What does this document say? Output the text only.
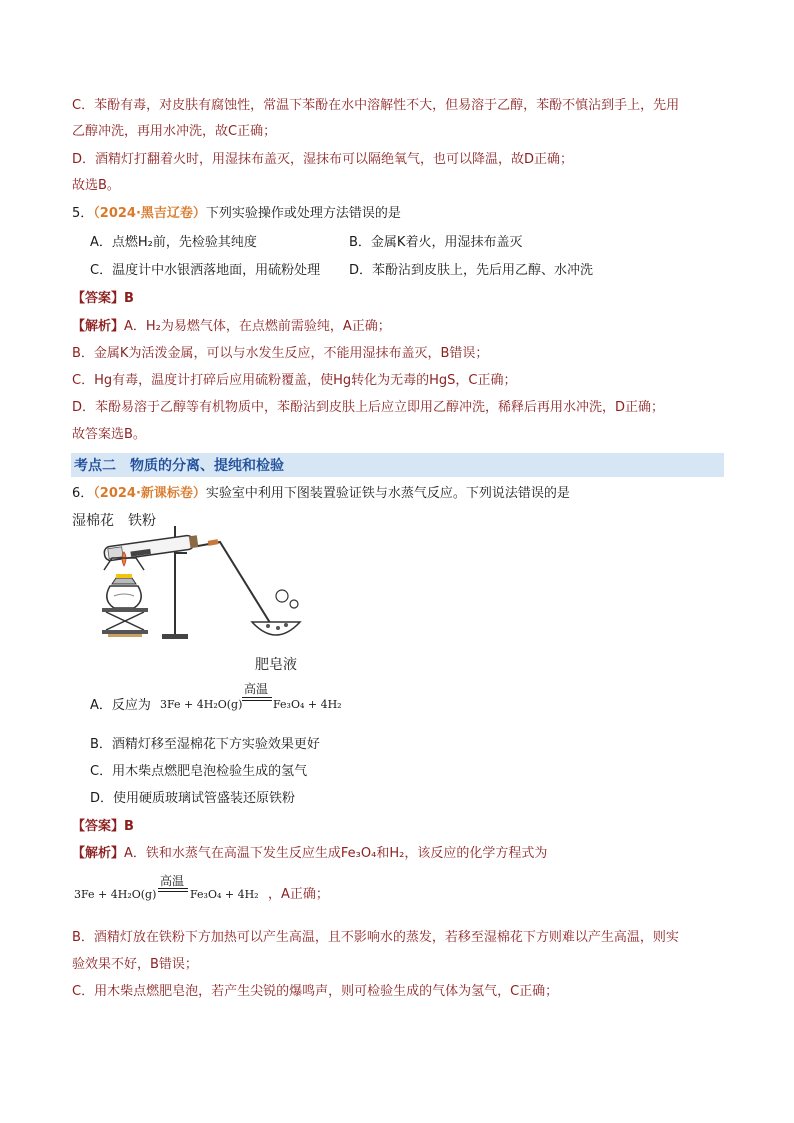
C．苯酚有毒，对皮肤有腐蚀性，常温下苯酚在水中溶解性不大，但易溶于乙醇，苯酚不慎沾到手上，先用
乙醇冲洗，再用水冲洗，故C正确；
D．酒精灯打翻着火时，用湿抹布盖灭，湿抹布可以隔绝氧气，也可以降温，故D正确；
故选B。
5．（2024·黑吉辽卷）下列实验操作或处理方法错误的是
A．点燃H₂前，先检验其纯度	B．金属K着火，用湿抹布盖灭
C．温度计中水银洒落地面，用硫粉处理 D．苯酚沾到皮肤上，先后用乙醇、水冲洗
【答案】B
【解析】A．H₂为易燃气体，在点燃前需验纯，A正确；
B．金属K为活泼金属，可以与水发生反应，不能用湿抹布盖灭，B错误；
C．Hg有毒，温度计打碎后应用硫粉覆盖，使Hg转化为无毒的HgS，C正确；
D．苯酚易溶于乙醇等有机物质中，苯酚沾到皮肤上后应立即用乙醇冲洗，稀释后再用水冲洗，D正确；
故答案选B。
考点二　物质的分离、提纯和检验
6．（2024·新课标卷）实验室中利用下图装置验证铁与水蒸气反应。下列说法错误的是
湿棉花 铁粉
肥皂液
A．反应为 3Fe + 4H₂O(g)
高温
Fe₃O₄ + 4H₂
B．酒精灯移至湿棉花下方实验效果更好
C．用木柴点燃肥皂泡检验生成的氢气
D．使用硬质玻璃试管盛装还原铁粉
【答案】B
【解析】A．铁和水蒸气在高温下发生反应生成Fe₃O₄和H₂，该反应的化学方程式为
3Fe + 4H₂O(g)
高温
Fe₃O₄ + 4H₂ ，A正确；
B．酒精灯放在铁粉下方加热可以产生高温，且不影响水的蒸发，若移至湿棉花下方则难以产生高温，则实
验效果不好，B错误；
C．用木柴点燃肥皂泡，若产生尖锐的爆鸣声，则可检验生成的气体为氢气，C正确；
